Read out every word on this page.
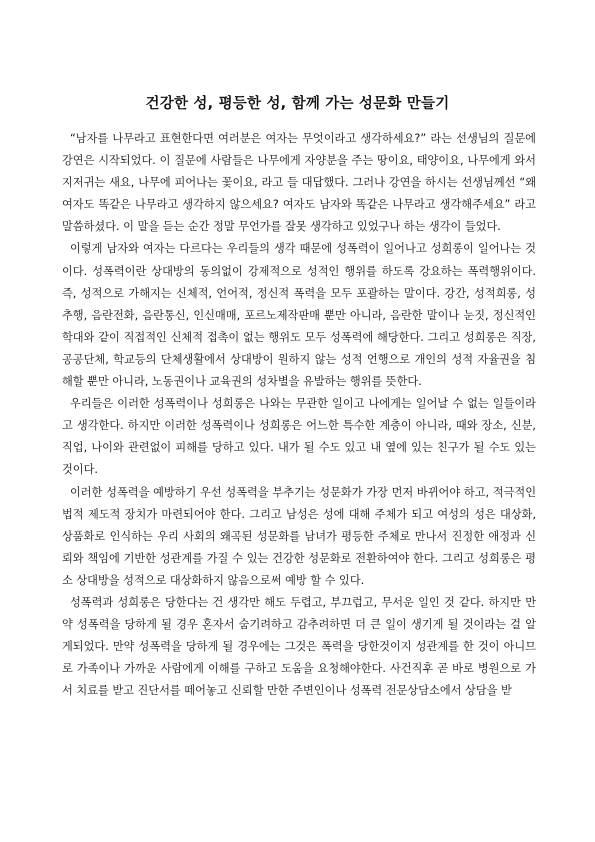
건강한 성, 평등한 성, 함께 가는 성문화 만들기

“남자를 나무라고 표현한다면 여러분은 여자는 무엇이라고 생각하세요?” 라는 선생님의 질문에 강연은 시작되었다. 이 질문에 사람들은 나무에게 자양분을 주는 땅이요, 태양이요, 나무에게 와서 지저귀는 새요, 나무에 피어나는 꽃이요, 라고 들 대답했다. 그러나 강연을 하시는 선생님께선 “왜 여자도 똑같은 나무라고 생각하지 않으세요? 여자도 남자와 똑같은 나무라고 생각해주세요” 라고 말씀하셨다. 이 말을 듣는 순간 정말 무언가를 잘못 생각하고 있었구나 하는 생각이 들었다.

이렇게 남자와 여자는 다르다는 우리들의 생각 때문에 성폭력이 일어나고 성희롱이 일어나는 것이다. 성폭력이란 상대방의 동의없이 강제적으로 성적인 행위를 하도록 강요하는 폭력행위이다. 즉, 성적으로 가해지는 신체적, 언어적, 정신적 폭력을 모두 포괄하는 말이다. 강간, 성적희롱, 성추행, 음란전화, 음란통신, 인신매매, 포르노제작판매 뿐만 아니라, 음란한 말이나 눈짓, 정신적인 학대와 같이 직접적인 신체적 접촉이 없는 행위도 모두 성폭력에 해당한다. 그리고 성희롱은 직장, 공공단체, 학교등의 단체생활에서 상대방이 원하지 않는 성적 언행으로 개인의 성적 자율권을 침해할 뿐만 아니라, 노동권이나 교육권의 성차별을 유발하는 행위를 뜻한다.

우리들은 이러한 성폭력이나 성희롱은 나와는 무관한 일이고 나에게는 일어날 수 없는 일들이라고 생각한다. 하지만 이러한 성폭력이나 성희롱은 어느한 특수한 계층이 아니라, 때와 장소, 신분, 직업, 나이와 관련없이 피해를 당하고 있다. 내가 될 수도 있고 내 옆에 있는 친구가 될 수도 있는 것이다.

이러한 성폭력을 예방하기 우선 성폭력을 부추기는 성문화가 가장 먼저 바뀌어야 하고, 적극적인 법적 제도적 장치가 마련되어야 한다. 그리고 남성은 성에 대해 주체가 되고 여성의 성은 대상화, 상품화로 인식하는 우리 사회의 왜곡된 성문화를 남녀가 평등한 주체로 만나서 진정한 애정과 신뢰와 책임에 기반한 성관계를 가질 수 있는 건강한 성문화로 전환하여야 한다. 그리고 성희롱은 평소 상대방을 성적으로 대상화하지 않음으로써 예방 할 수 있다.

성폭력과 성희롱은 당한다는 건 생각만 해도 두렵고, 부끄럽고, 무서운 일인 것 같다. 하지만 만약 성폭력을 당하게 될 경우 혼자서 숨기려하고 감추려하면 더 큰 일이 생기게 될 것이라는 걸 알게되었다. 만약 성폭력을 당하게 될 경우에는 그것은 폭력을 당한것이지 성관계를 한 것이 아니므로 가족이나 가까운 사람에게 이해를 구하고 도움을 요청해야한다. 사건직후 곧 바로 병원으로 가서 치료를 받고 진단서를 떼어놓고 신뢰할 만한 주변인이나 성폭력 전문상담소에서 상담을 받
